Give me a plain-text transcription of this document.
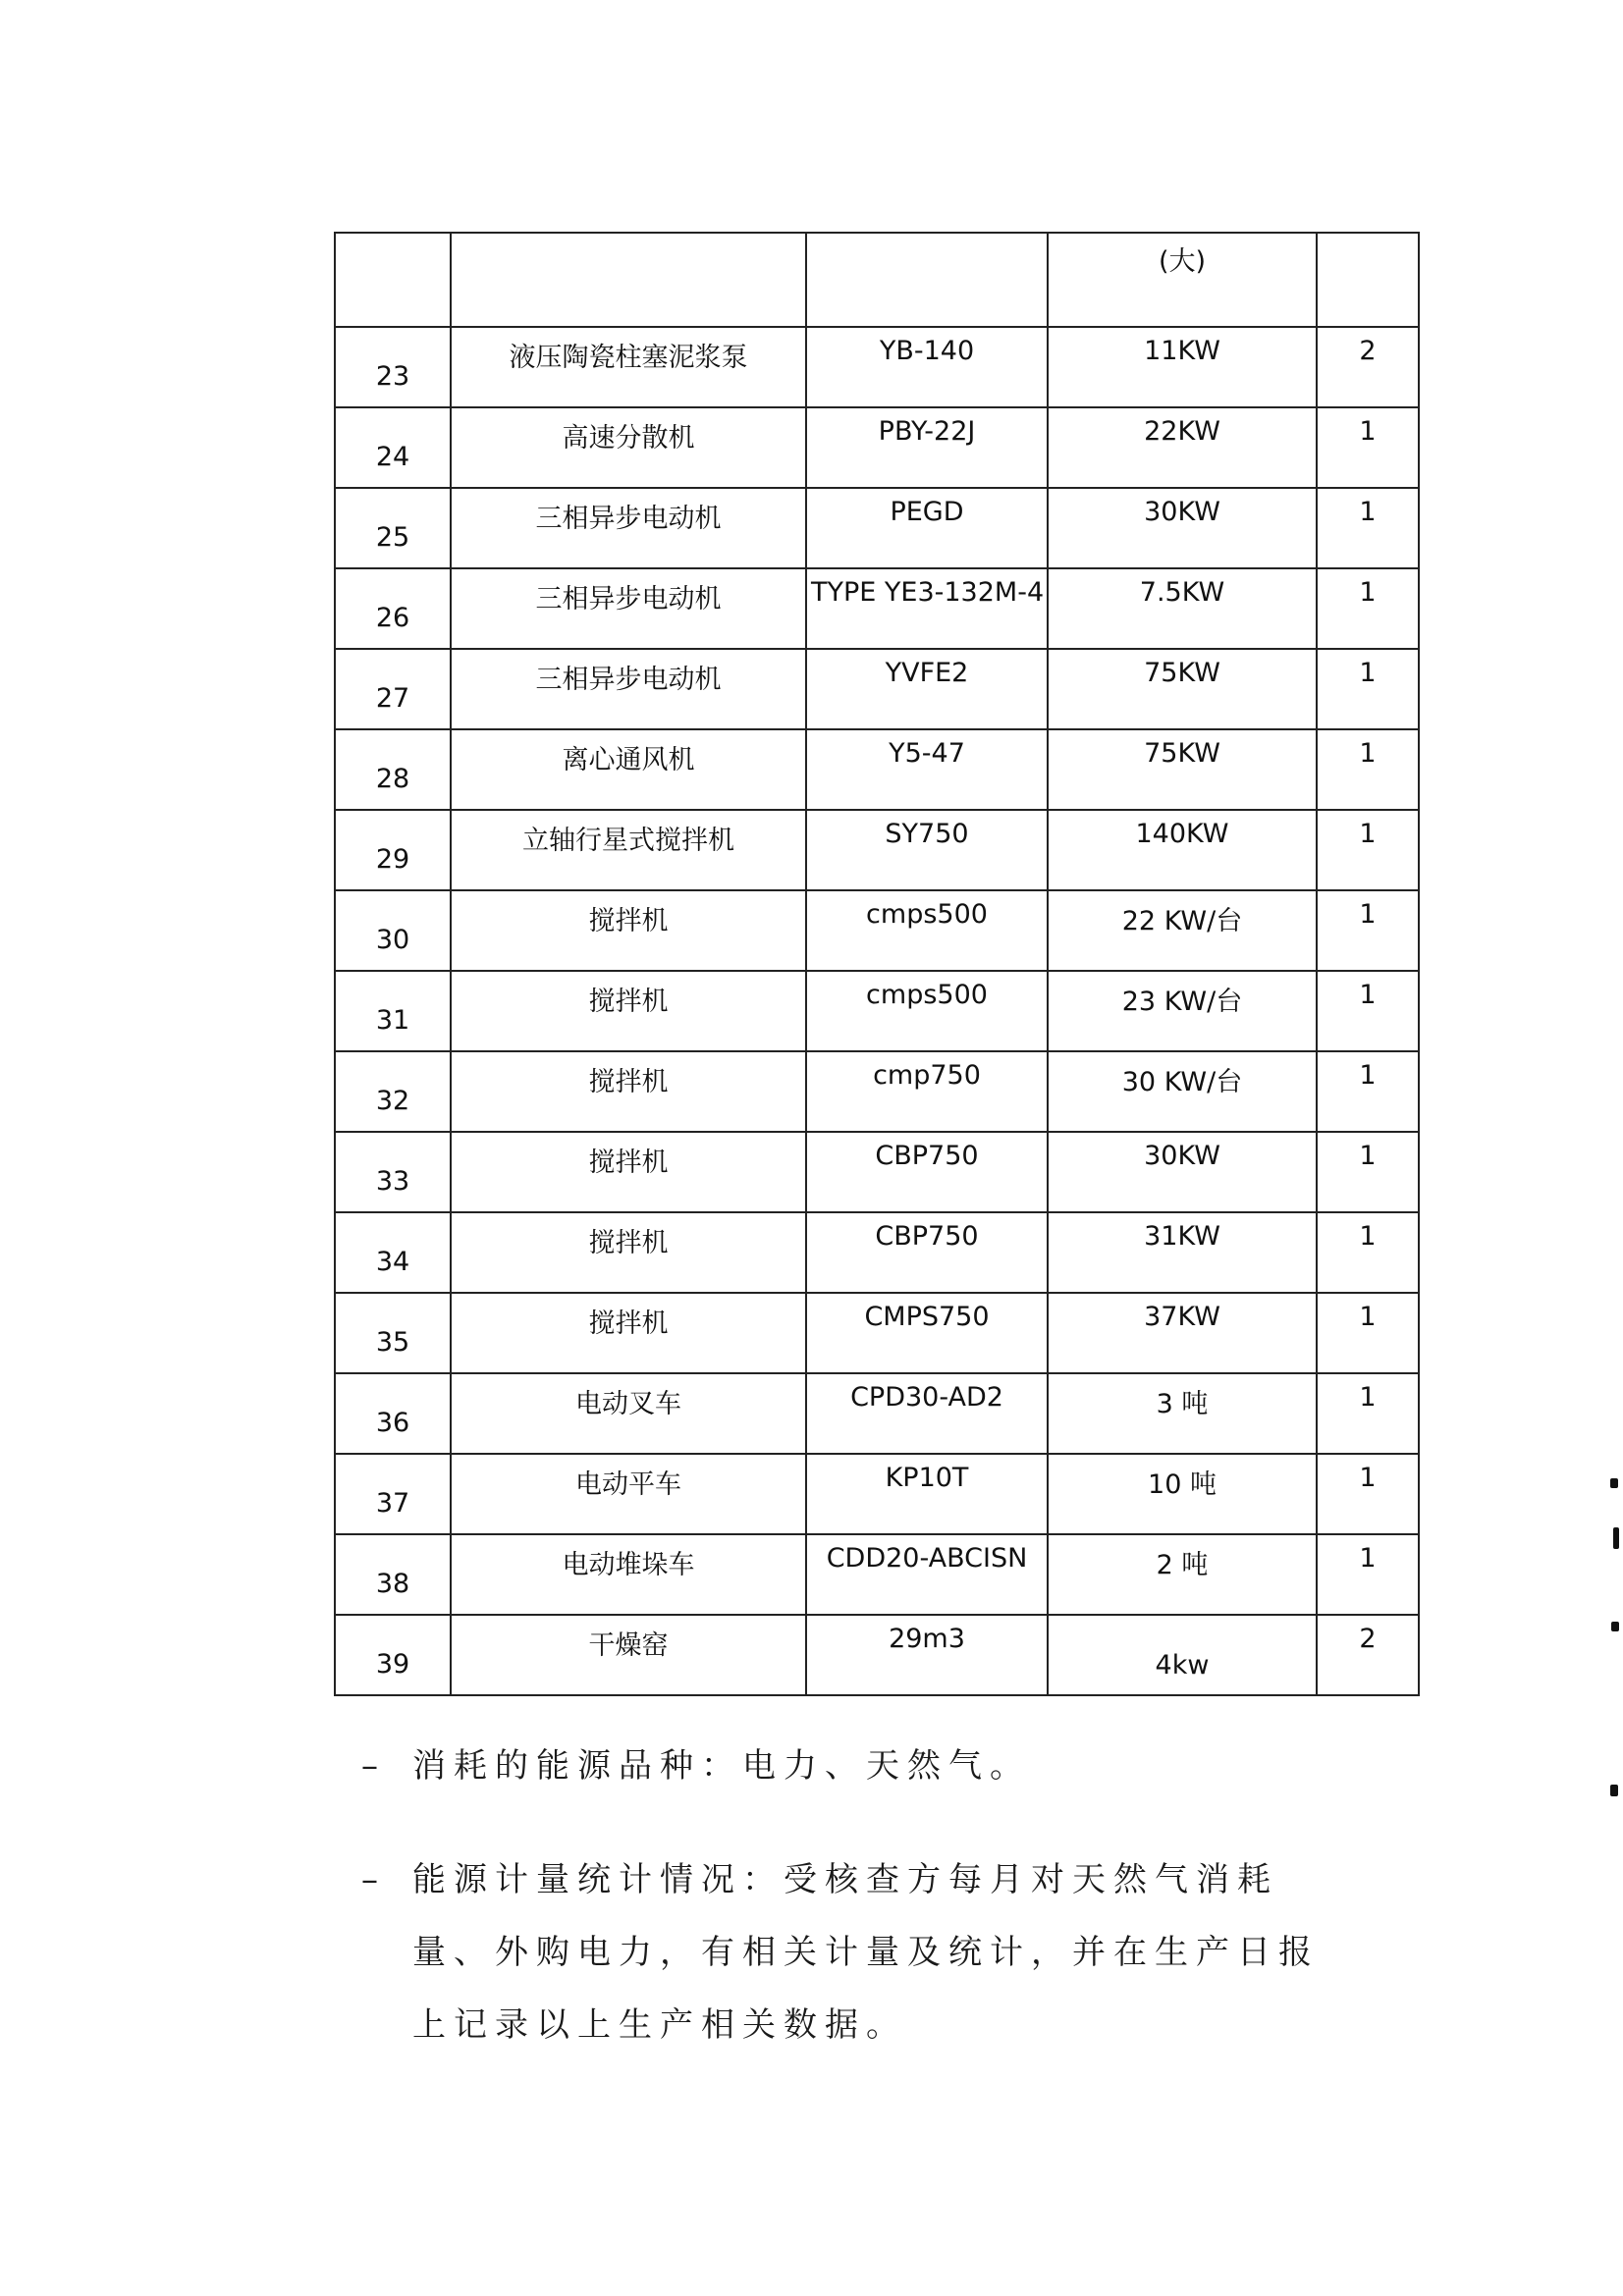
			(大)	
23	液压陶瓷柱塞泥浆泵	YB-140	11KW	2
24	高速分散机	PBY-22J	22KW	1
25	三相异步电动机	PEGD	30KW	1
26	三相异步电动机	TYPE YE3-132M-4	7.5KW	1
27	三相异步电动机	YVFE2	75KW	1
28	离心通风机	Y5-47	75KW	1
29	立轴行星式搅拌机	SY750	140KW	1
30	搅拌机	cmps500	22 KW/台	1
31	搅拌机	cmps500	23 KW/台	1
32	搅拌机	cmp750	30 KW/台	1
33	搅拌机	CBP750	30KW	1
34	搅拌机	CBP750	31KW	1
35	搅拌机	CMPS750	37KW	1
36	电动叉车	CPD30-AD2	3 吨	1
37	电动平车	KP10T	10 吨	1
38	电动堆垛车	CDD20-ABCISN	2 吨	1
39	干燥窑	29m3	4kw	2
– 消耗的能源品种：电力、天然气。
– 能源计量统计情况：受核查方每月对天然气消耗量、外购电力，有相关计量及统计，并在生产日报上记录以上生产相关数据。
